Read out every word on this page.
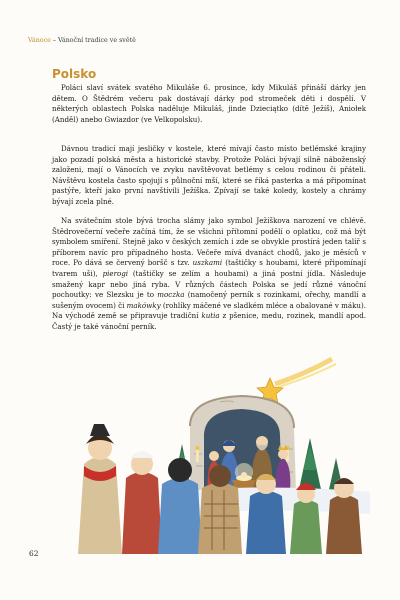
Vánoce – Vánoční tradice ve světě
Polsko

Poláci slaví svátek svatého Mikuláše 6. prosince, kdy Mikuláš přináší dárky jen dětem. O Štědrém večeru pak dostávají dárky pod stromeček děti i dospělí. V některých oblastech Polska naděluje Mikuláš, jinde Dzieciątko (dítě Ježíš), Aniołek (Anděl) anebo Gwiazdor (ve Velkopolsku).

Dávnou tradicí mají jesličky v kostele, které mívají často místo betlémské krajiny jako pozadí polská města a historické stavby. Protože Poláci bývají silně náboženský založeni, mají o Vánocích ve zvyku navštěvovat betlémy s celou rodinou či přáteli. Návštěvu kostela často spojují s půlnoční mší, které se říká pasterka a má připomínat pastýře, kteří jako první navštívili Ježíška. Zpívají se také koledy, kostely a chrámy bývají zcela plné.

Na svátečním stole bývá trocha slámy jako symbol Ježíškova narození ve chlévě. Štědrovečerní večeře začíná tím, že se všichni přítomní podělí o oplatku, což má být symbolem smíření. Stejně jako v českých zemích i zde se obvykle prostírá jeden talíř s příborem navíc pro případného hosta. Večeře mívá dvanáct chodů, jako je měsíců v roce. Po dává se červený boršč s tzv. uszkami (taštičky s houbami, které připomínají tvarem uši), pierogi (taštičky se zelím a houbami) a jiná postní jídla. Následuje smažený kapr nebo jiná ryba. V různých částech Polska se jedí různé vánoční pochoutky: ve Slezsku je to moczka (namočený perník s rozinkami, ořechy, mandlí a sušeným ovocem) či makówky (rohlíky máčené ve sladkém mléce a obalované v máku). Na východě země se připravuje tradiční kutia z pšenice, medu, rozinek, mandlí apod. Častý je také vánoční perník.

62
